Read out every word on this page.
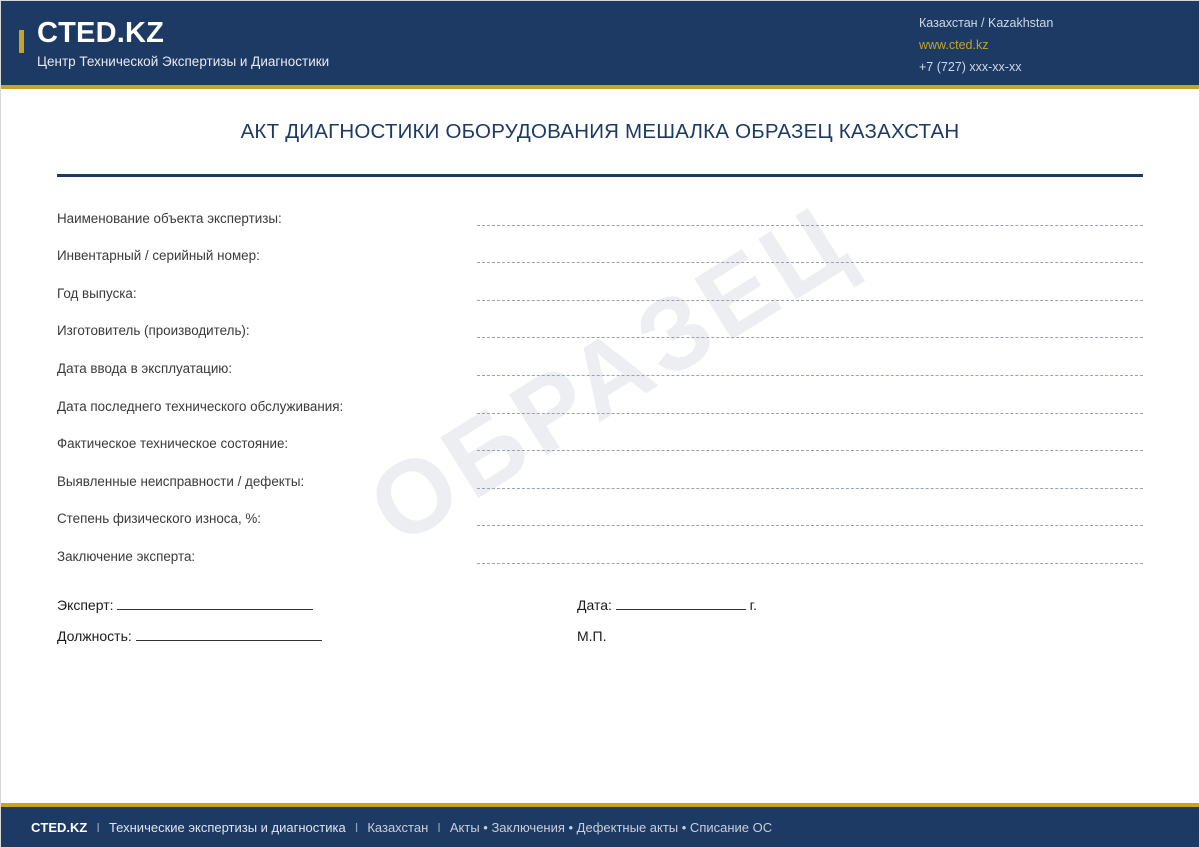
CTED.KZ
Центр Технической Экспертизы и Диагностики
Казахстан / Kazakhstan
www.cted.kz
+7 (727) xxx-xx-xx
ОБРАЗЕЦ
АКТ ДИАГНОСТИКИ ОБОРУДОВАНИЯ МЕШАЛКА ОБРАЗЕЦ КАЗАХСТАН
Наименование объекта экспертизы:
Инвентарный / серийный номер:
Год выпуска:
Изготовитель (производитель):
Дата ввода в эксплуатацию:
Дата последнего технического обслуживания:
Фактическое техническое состояние:
Выявленные неисправности / дефекты:
Степень физического износа, %:
Заключение эксперта:
Эксперт:	Дата:	г.
Должность:	М.П.
CTED.KZ I Технические экспертизы и диагностика I Казахстан I Акты • Заключения • Дефектные акты • Списание ОС
